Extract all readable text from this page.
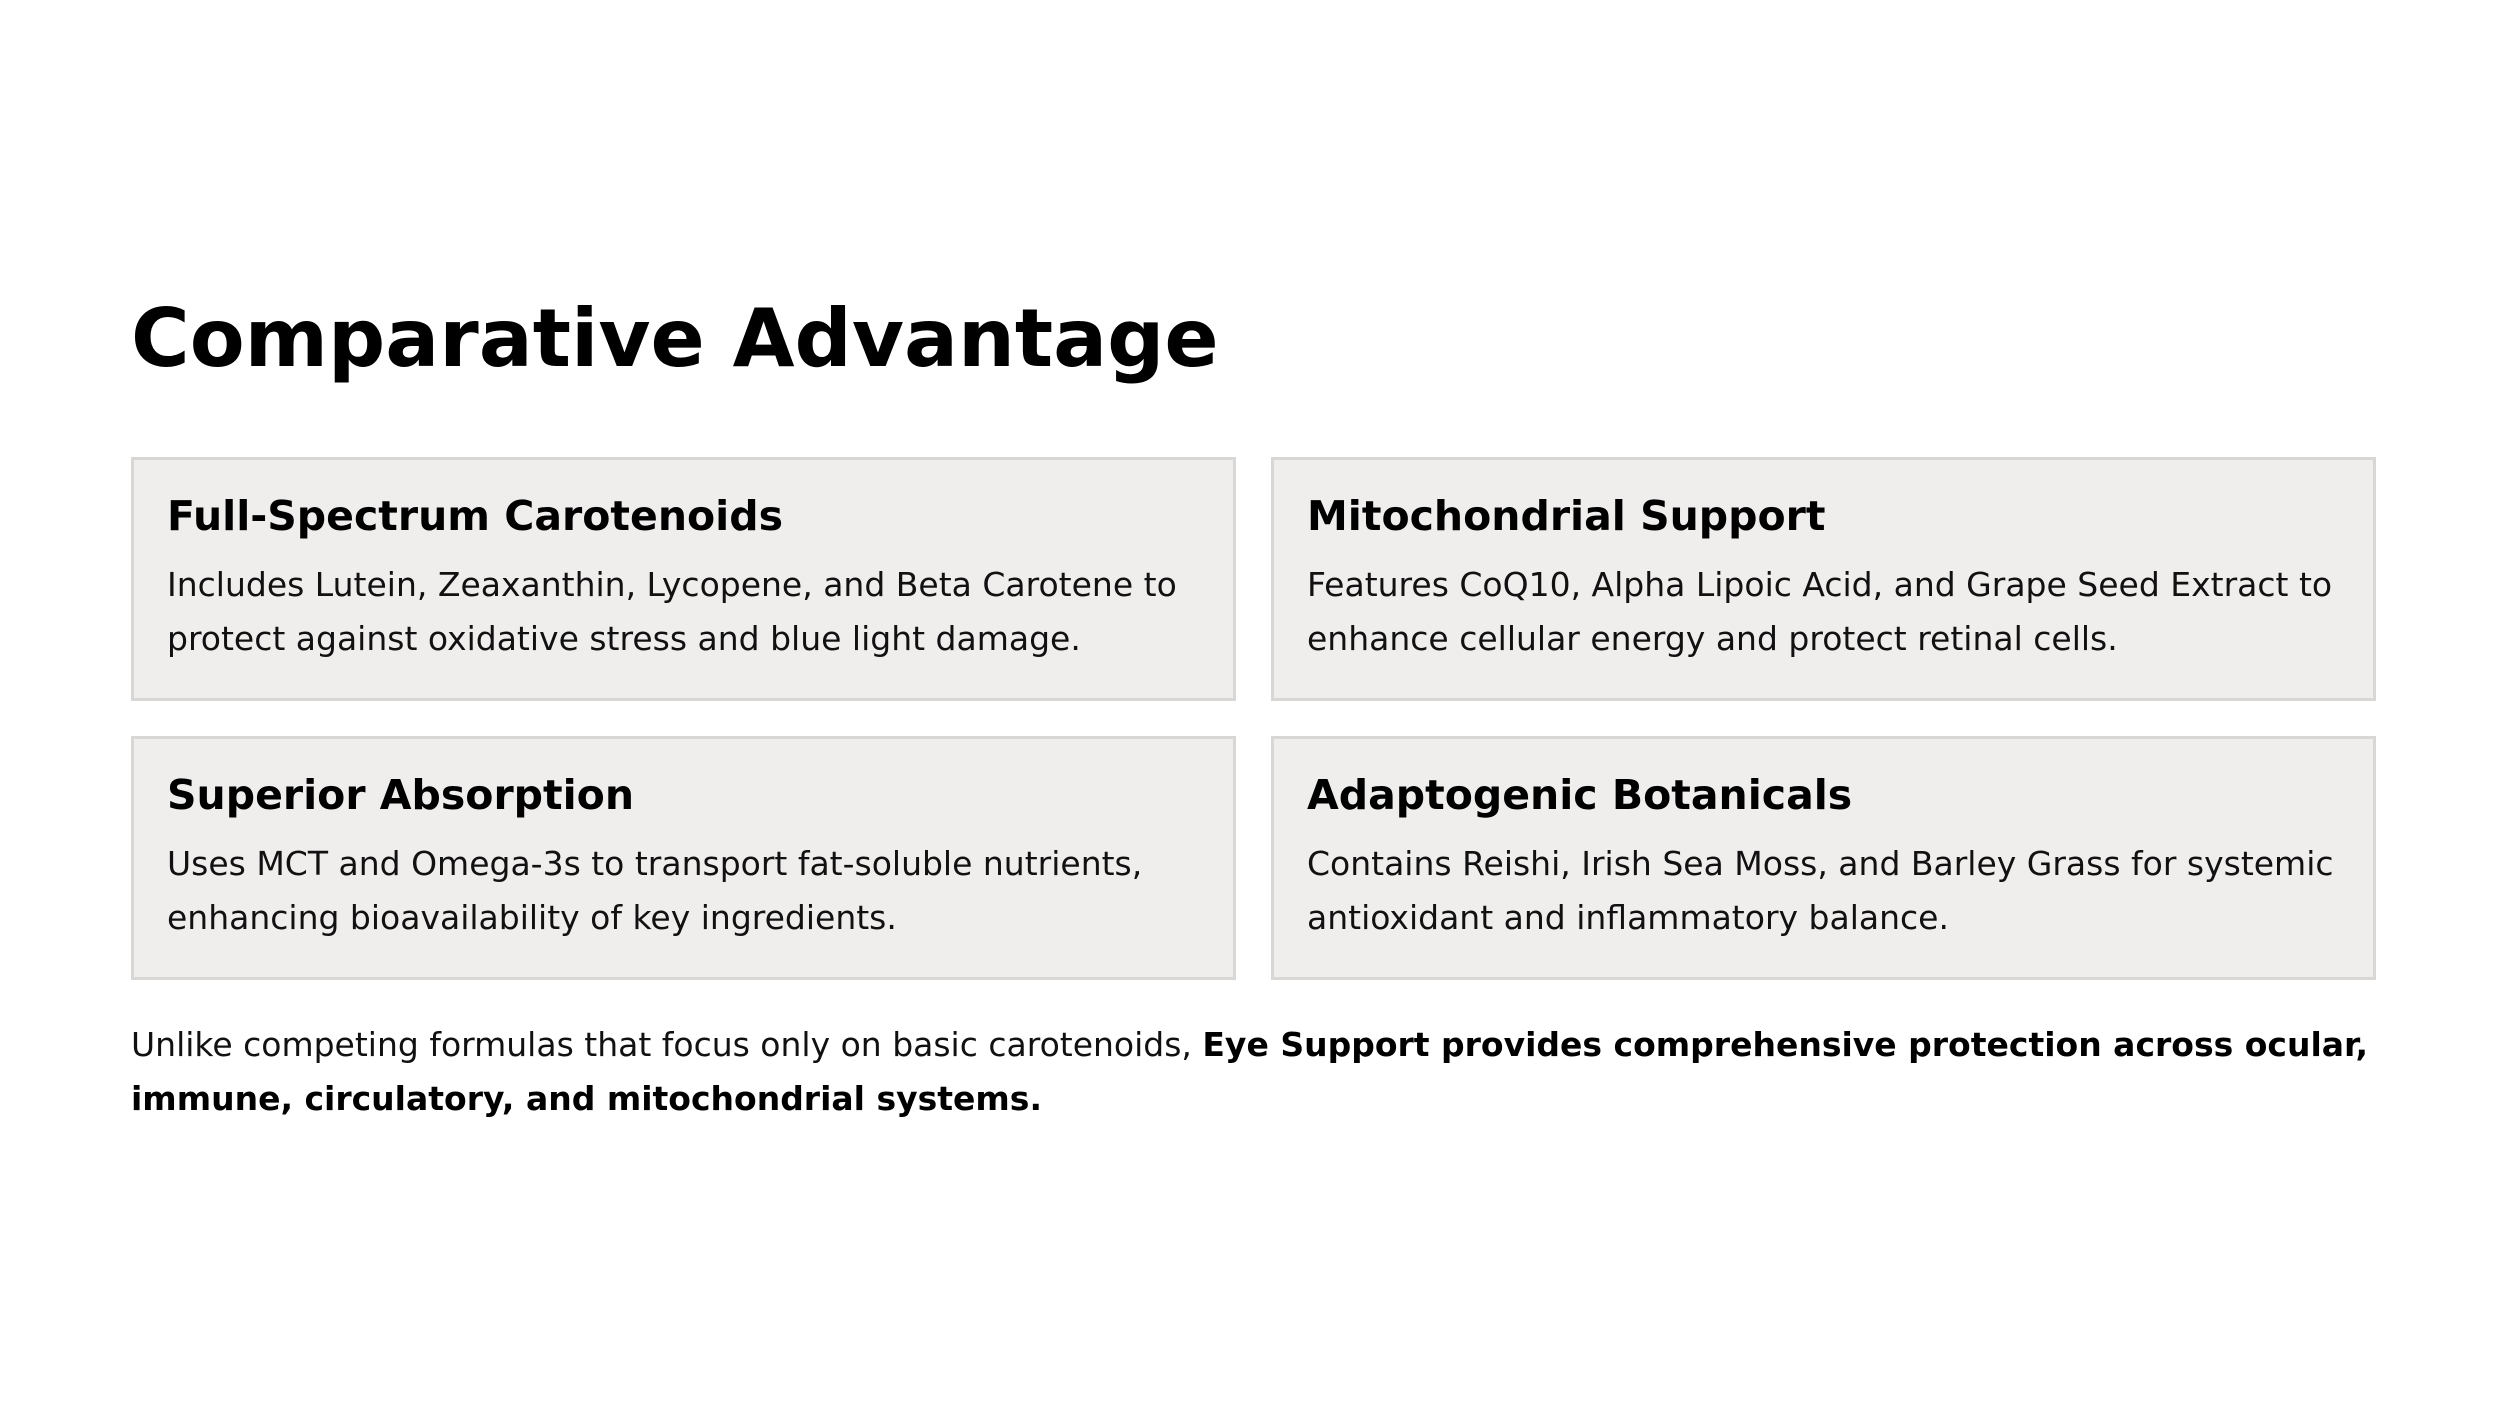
Comparative Advantage
Full-Spectrum Carotenoids

Includes Lutein, Zeaxanthin, Lycopene, and Beta Carotene to protect against oxidative stress and blue light damage.

Mitochondrial Support

Features CoQ10, Alpha Lipoic Acid, and Grape Seed Extract to enhance cellular energy and protect retinal cells.

Superior Absorption

Uses MCT and Omega-3s to transport fat-soluble nutrients, enhancing bioavailability of key ingredients.

Adaptogenic Botanicals

Contains Reishi, Irish Sea Moss, and Barley Grass for systemic antioxidant and inflammatory balance.

Unlike competing formulas that focus only on basic carotenoids, Eye Support provides comprehensive protection across ocular, immune, circulatory, and mitochondrial systems.
